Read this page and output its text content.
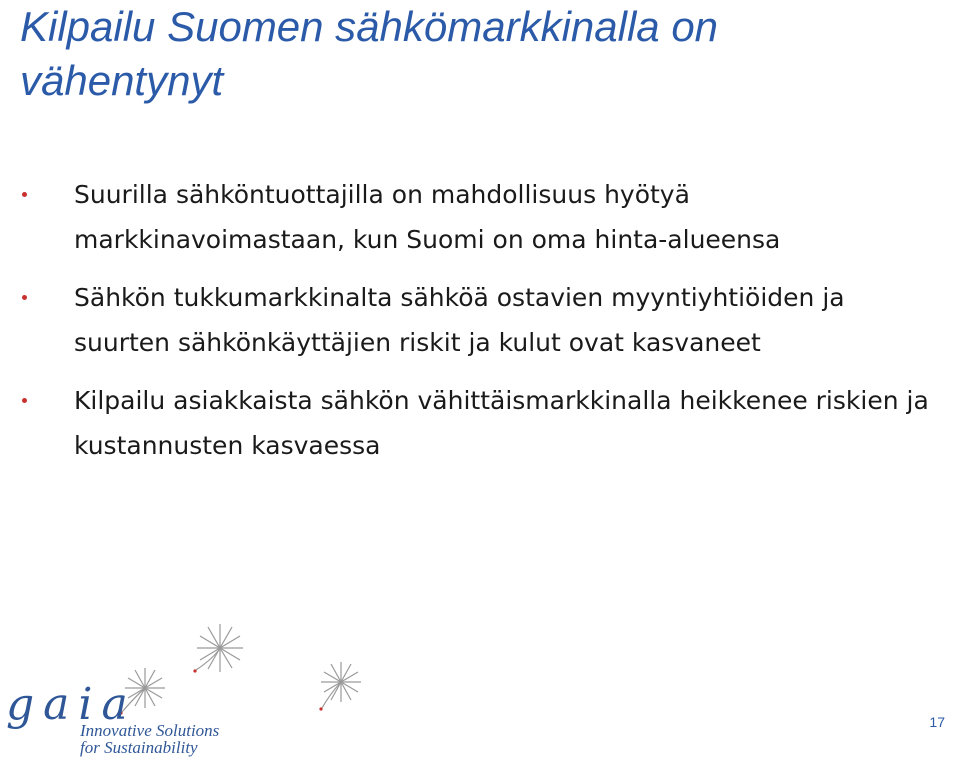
Kilpailu Suomen sähkömarkkinalla on vähentynyt
Suurilla sähköntuottajilla on mahdollisuus hyötyä markkinavoimastaan, kun Suomi on oma hinta-alueensa
Sähkön tukkumarkkinalta sähköä ostavien myyntiyhtiöiden ja suurten sähkönkäyttäjien riskit ja kulut ovat kasvaneet
Kilpailu asiakkaista sähkön vähittäismarkkinalla heikkenee riskien ja kustannusten kasvaessa
gaia
Innovative Solutions
for Sustainability
17
